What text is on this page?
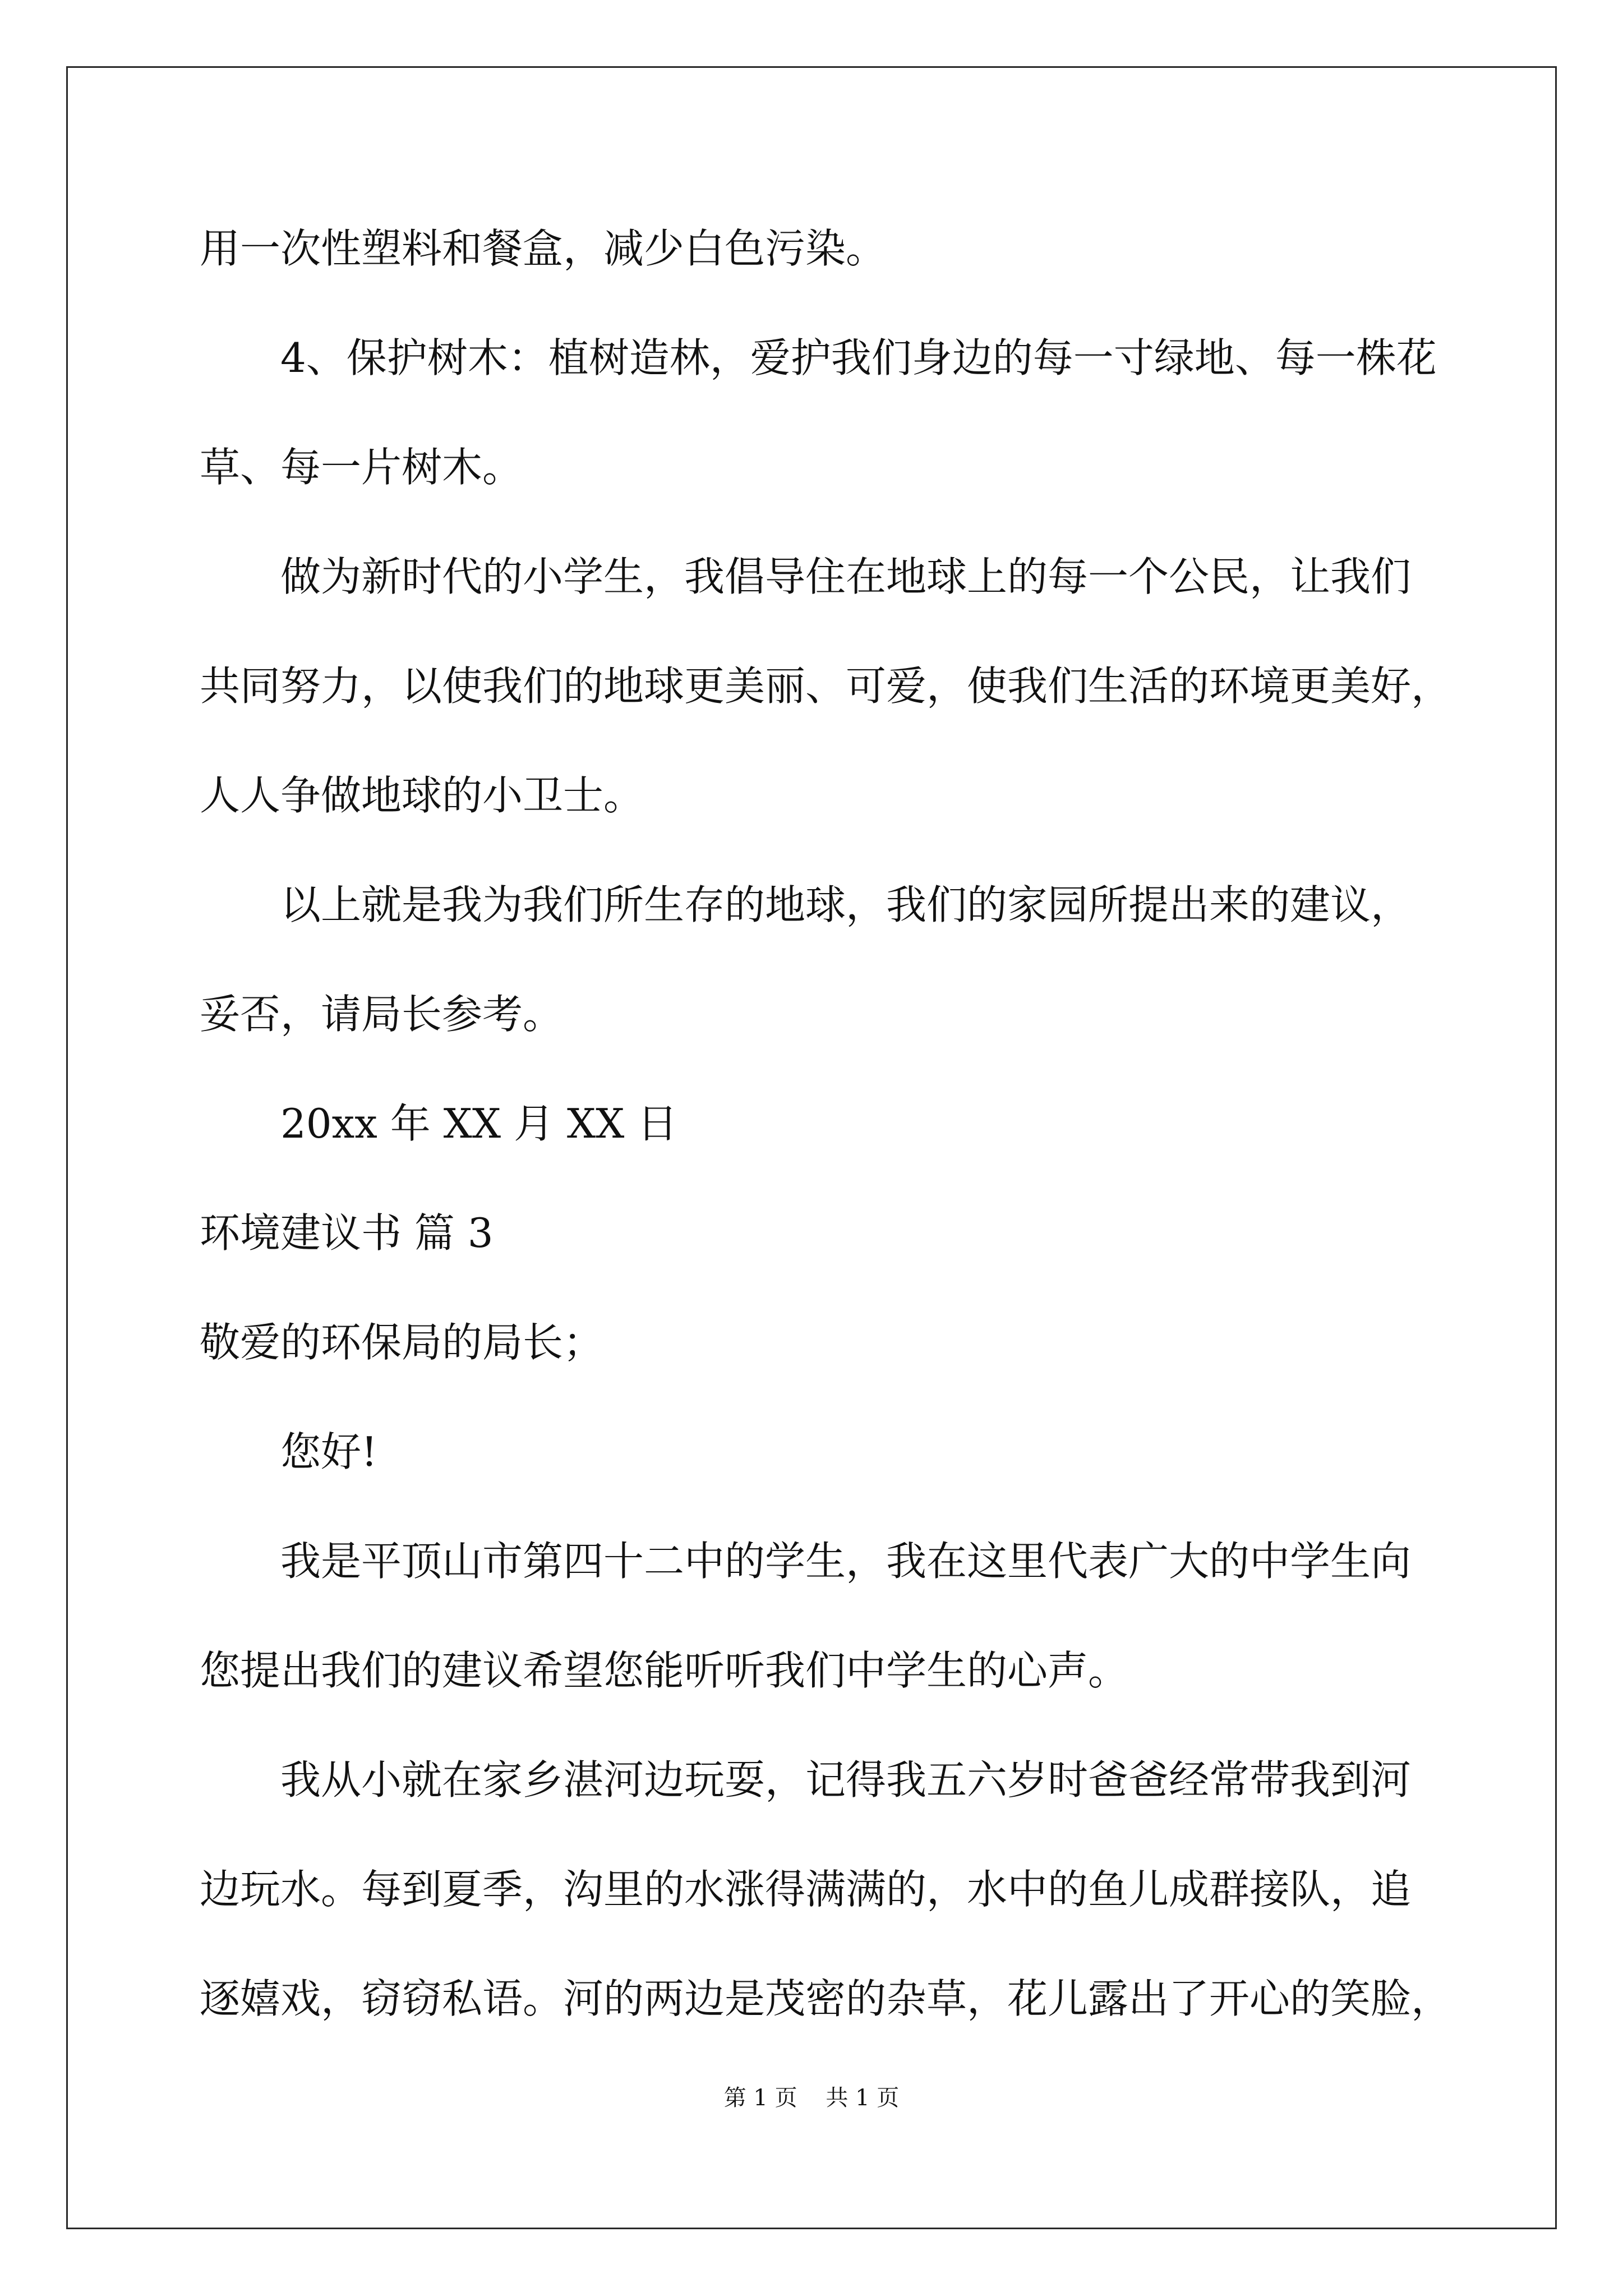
用一次性塑料和餐盒，减少白色污染。

4、保护树木：植树造林，爱护我们身边的每一寸绿地、每一株花

草、每一片树木。

做为新时代的小学生，我倡导住在地球上的每一个公民，让我们

共同努力，以使我们的地球更美丽、可爱，使我们生活的环境更美好，

人人争做地球的小卫士。

以上就是我为我们所生存的地球，我们的家园所提出来的建议，

妥否，请局长参考。

20xx 年 XX 月 XX 日

环境建议书 篇 3

敬爱的环保局的局长；

您好!

我是平顶山市第四十二中的学生，我在这里代表广大的中学生向

您提出我们的建议希望您能听听我们中学生的心声。

我从小就在家乡湛河边玩耍，记得我五六岁时爸爸经常带我到河

边玩水。每到夏季，沟里的水涨得满满的，水中的鱼儿成群接队，追

逐嬉戏，窃窃私语。河的两边是茂密的杂草，花儿露出了开心的笑脸，

第 1 页    共 1 页
